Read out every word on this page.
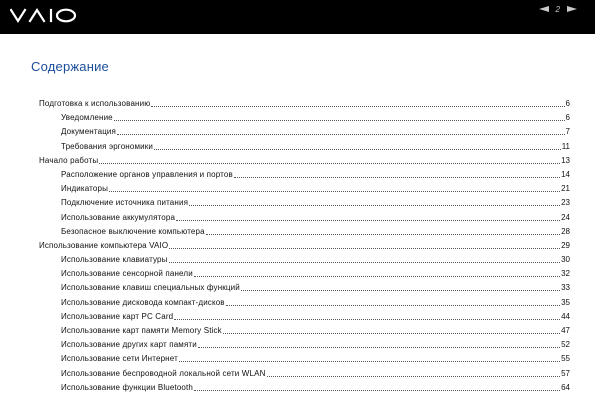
2
Содержание
Подготовка к использованию	6
Уведомление	6
Документация	7
Требования эргономики	11
Начало работы	13
Расположение органов управления и портов	14
Индикаторы	21
Подключение источника питания	23
Использование аккумулятора	24
Безопасное выключение компьютера	28
Использование компьютера VAIO	29
Использование клавиатуры	30
Использование сенсорной панели	32
Использование клавиш специальных функций	33
Использование дисковода компакт-дисков	35
Использование карт PC Card	44
Использование карт памяти Memory Stick	47
Использование других карт памяти	52
Использование сети Интернет	55
Использование беспроводной локальной сети WLAN	57
Использование функции Bluetooth	64
